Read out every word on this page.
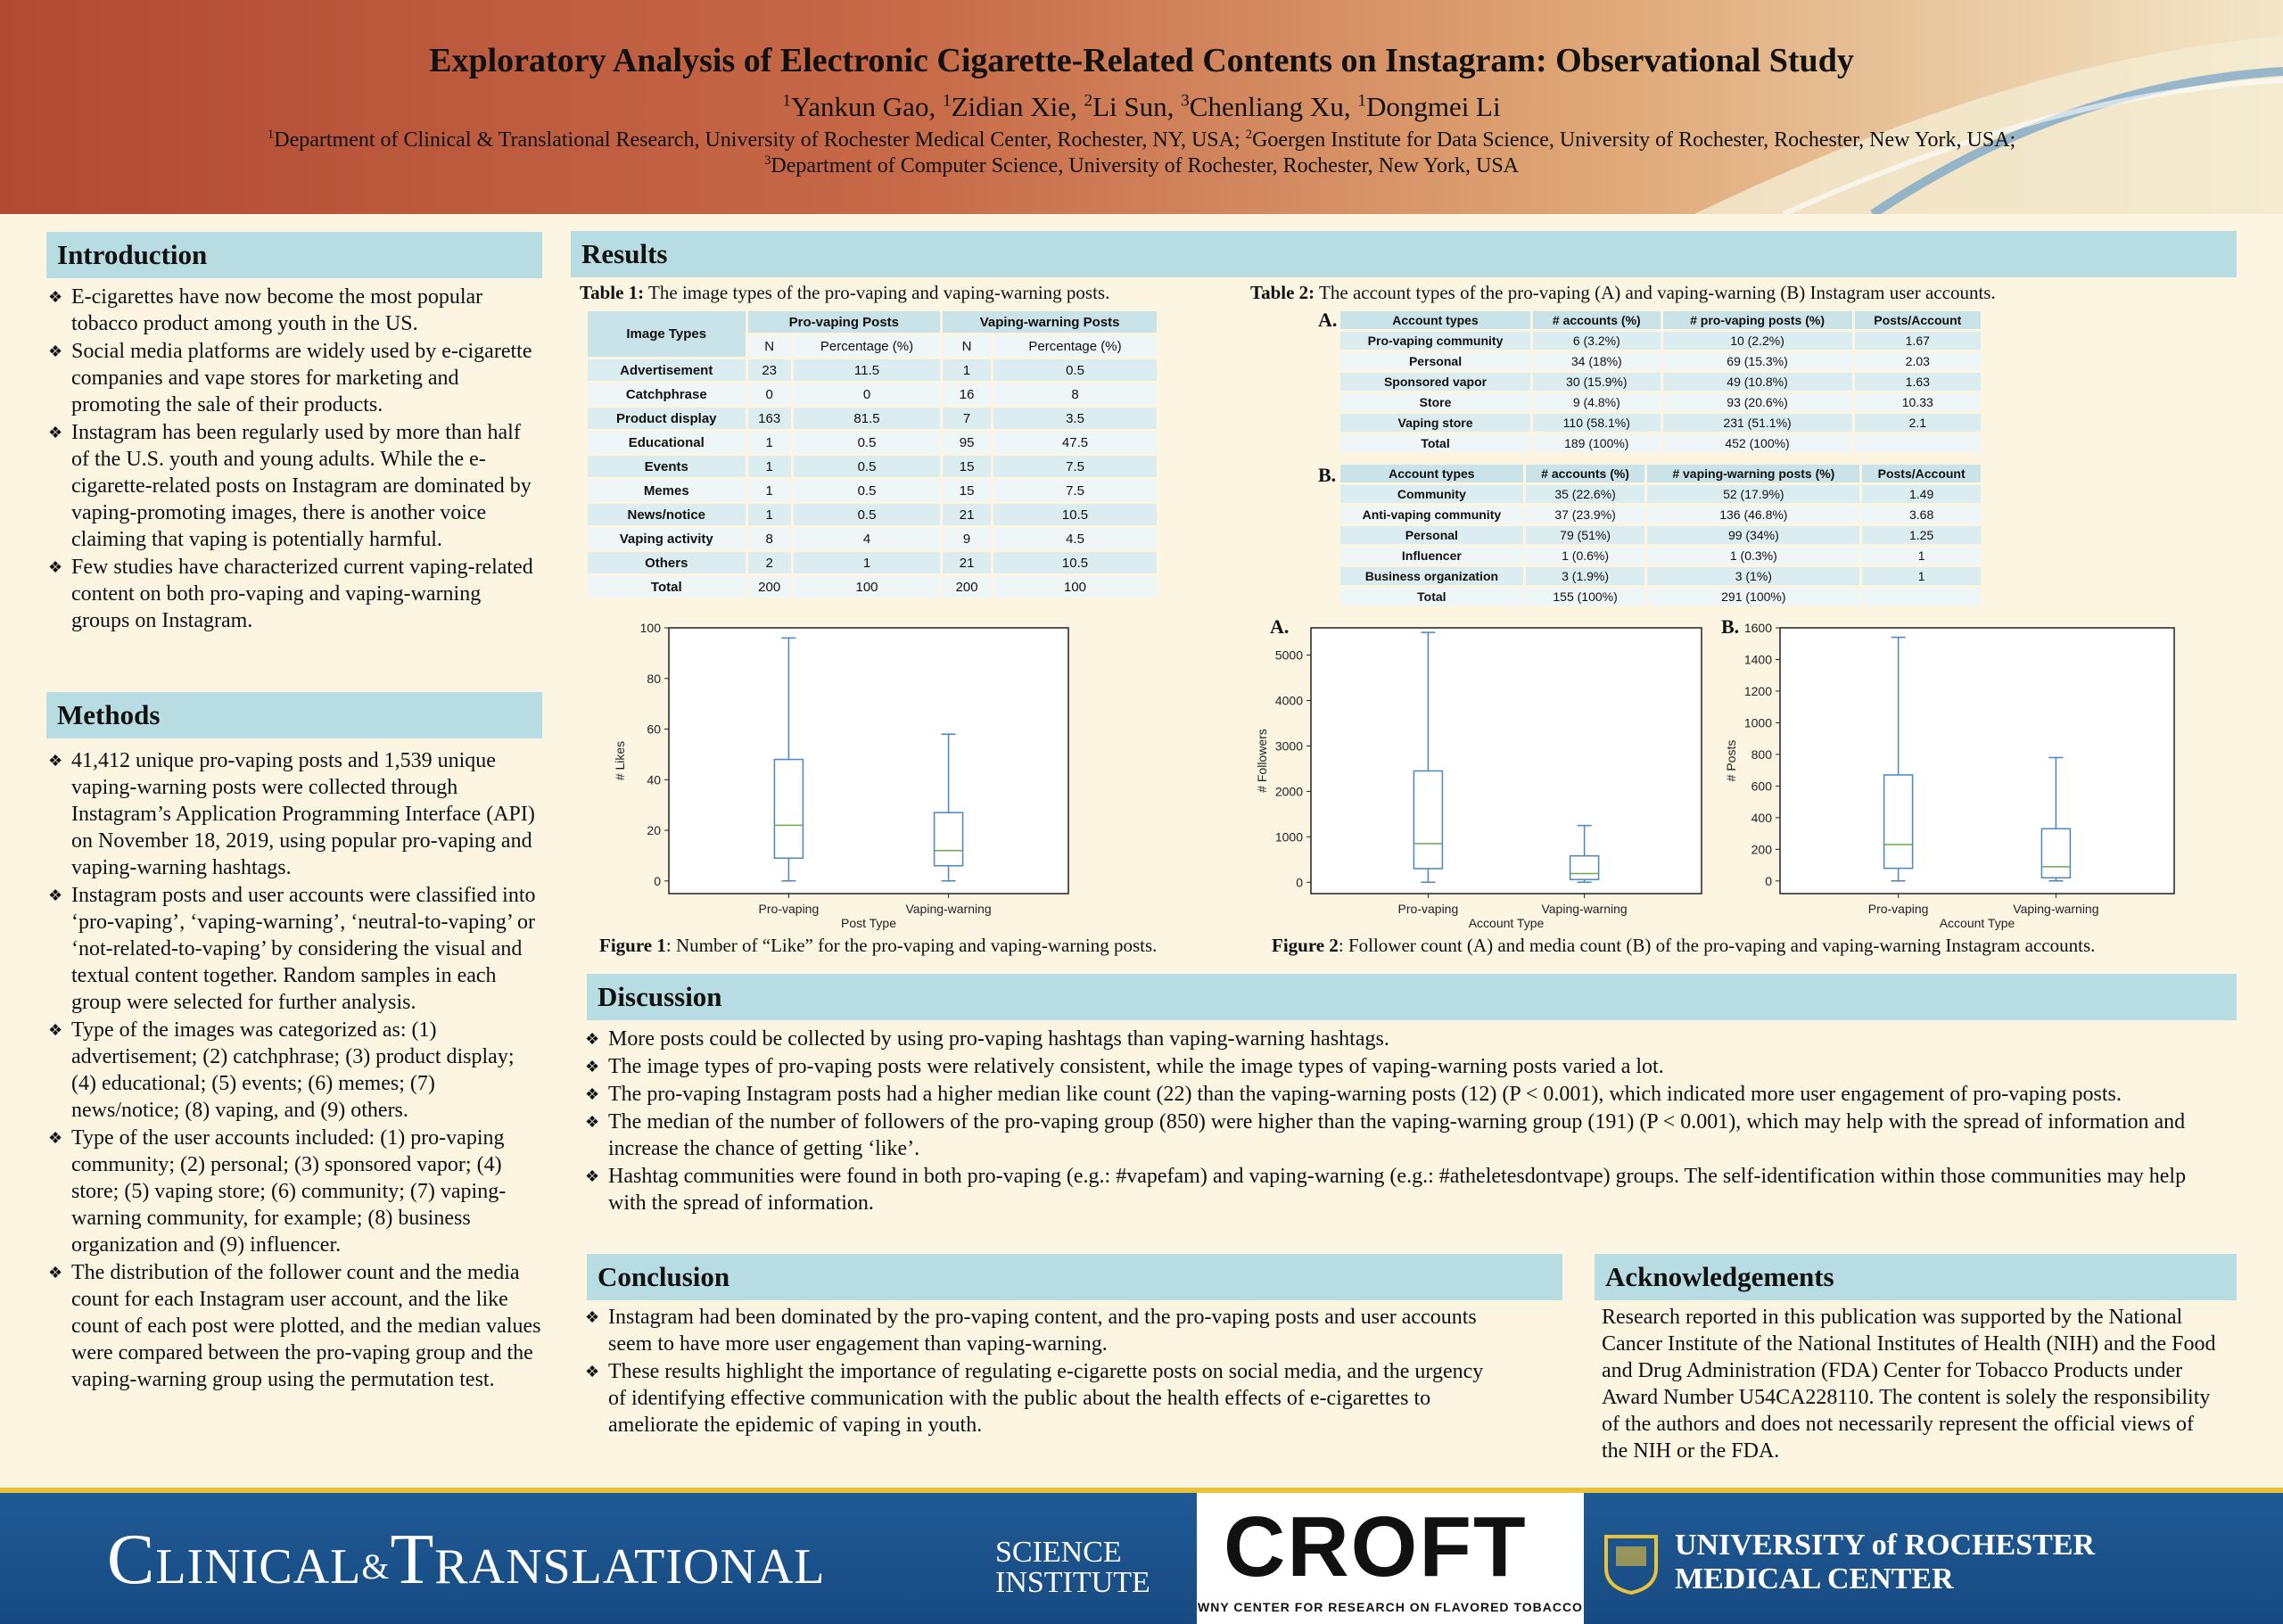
Exploratory Analysis of Electronic Cigarette-Related Contents on Instagram: Observational Study
$^1$Yankun Gao, $^1$Zidian Xie, $^2$Li Sun, $^3$Chenliang Xu, $^1$Dongmei Li
$^1$Department of Clinical & Translational Research, University of Rochester Medical Center, Rochester, NY, USA; $^2$Goergen Institute for Data Science, University of Rochester, Rochester, New York, USA;
$^3$Department of Computer Science, University of Rochester, Rochester, New York, USA
Introduction
❖ E-cigarettes have now become the most popular tobacco product among youth in the US.
❖ Social media platforms are widely used by e-cigarette companies and vape stores for marketing and promoting the sale of their products.
❖ Instagram has been regularly used by more than half of the U.S. youth and young adults. While the e-cigarette-related posts on Instagram are dominated by vaping-promoting images, there is another voice claiming that vaping is potentially harmful.
❖ Few studies have characterized current vaping-related content on both pro-vaping and vaping-warning groups on Instagram.
Methods
❖ 41,412 unique pro-vaping posts and 1,539 unique vaping-warning posts were collected through Instagram’s Application Programming Interface (API) on November 18, 2019, using popular pro-vaping and vaping-warning hashtags.
❖ Instagram posts and user accounts were classified into ‘pro-vaping’, ‘vaping-warning’, ‘neutral-to-vaping’ or ‘not-related-to-vaping’ by considering the visual and textual content together. Random samples in each group were selected for further analysis.
❖ Type of the images was categorized as: (1) advertisement; (2) catchphrase; (3) product display; (4) educational; (5) events; (6) memes; (7) news/notice; (8) vaping, and (9) others.
❖ Type of the user accounts included: (1) pro-vaping community; (2) personal; (3) sponsored vapor; (4) store; (5) vaping store; (6) community; (7) vaping-warning community, for example; (8) business organization and (9) influencer.
❖ The distribution of the follower count and the media count for each Instagram user account, and the like count of each post were plotted, and the median values were compared between the pro-vaping group and the vaping-warning group using the permutation test.
Results
Table 1: The image types of the pro-vaping and vaping-warning posts.
Image Types	Pro-vaping Posts		Vaping-warning Posts	
	N	Percentage (%)	N	Percentage (%)
Advertisement	23	11.5	1	0.5
Catchphrase	0	0	16	8
Product display	163	81.5	7	3.5
Educational	1	0.5	95	47.5
Events	1	0.5	15	7.5
Memes	1	0.5	15	7.5
News/notice	1	0.5	21	10.5
Vaping activity	8	4	9	4.5
Others	2	1	21	10.5
Total	200	100	200	100
Table 2: The account types of the pro-vaping (A) and vaping-warning (B) Instagram user accounts.
A.	Account types	# accounts (%)	# pro-vaping posts (%)	Posts/Account
Pro-vaping community	6 (3.2%)	10 (2.2%)	1.67
Personal	34 (18%)	69 (15.3%)	2.03
Sponsored vapor	30 (15.9%)	49 (10.8%)	1.63
Store	9 (4.8%)	93 (20.6%)	10.33
Vaping store	110 (58.1%)	231 (51.1%)	2.1
Total	189 (100%)	452 (100%)	
B.	Account types	# accounts (%)	# vaping-warning posts (%)	Posts/Account
Community	35 (22.6%)	52 (17.9%)	1.49
Anti-vaping community	37 (23.9%)	136 (46.8%)	3.68
Personal	79 (51%)	99 (34%)	1.25
Influencer	1 (0.6%)	1 (0.3%)	1
Business organization	3 (1.9%)	3 (1%)	1
Total	155 (100%)	291 (100%)	
0
20
40
60
80
100
Pro-vaping	Vaping-warning
Post Type
# Likes
A.
0
1000
2000
3000
4000
5000
Pro-vaping	Vaping-warning
Account Type
# Followers
B.
0
200
400
600
800
1000
1200
1400
1600
Pro-vaping	Vaping-warning
Account Type
# Posts
Figure 1: Number of “Like” for the pro-vaping and vaping-warning posts.	Figure 2: Follower count (A) and media count (B) of the pro-vaping and vaping-warning Instagram accounts.
Discussion
❖ More posts could be collected by using pro-vaping hashtags than vaping-warning hashtags.
❖ The image types of pro-vaping posts were relatively consistent, while the image types of vaping-warning posts varied a lot.
❖ The pro-vaping Instagram posts had a higher median like count (22) than the vaping-warning posts (12) (P < 0.001), which indicated more user engagement of pro-vaping posts.
❖ The median of the number of followers of the pro-vaping group (850) were higher than the vaping-warning group (191) (P < 0.001), which may help with the spread of information and increase the chance of getting ‘like’.
❖ Hashtag communities were found in both pro-vaping (e.g.: #vapefam) and vaping-warning (e.g.: #atheletesdontvape) groups. The self-identification within those communities may help with the spread of information.
Conclusion
❖ Instagram had been dominated by the pro-vaping content, and the pro-vaping posts and user accounts seem to have more user engagement than vaping-warning.
❖ These results highlight the importance of regulating e-cigarette posts on social media, and the urgency of identifying effective communication with the public about the health effects of e-cigarettes to ameliorate the epidemic of vaping in youth.
Acknowledgements
Research reported in this publication was supported by the National Cancer Institute of the National Institutes of Health (NIH) and the Food and Drug Administration (FDA) Center for Tobacco Products under Award Number U54CA228110. The content is solely the responsibility of the authors and does not necessarily represent the official views of the NIH or the FDA.
Clinical&Translational	SCIENCE
INSTITUTE CROFT
WNY CENTER FOR RESEARCH ON FLAVORED TOBACCO
UNIVERSITY of ROCHESTER
MEDICAL CENTER
